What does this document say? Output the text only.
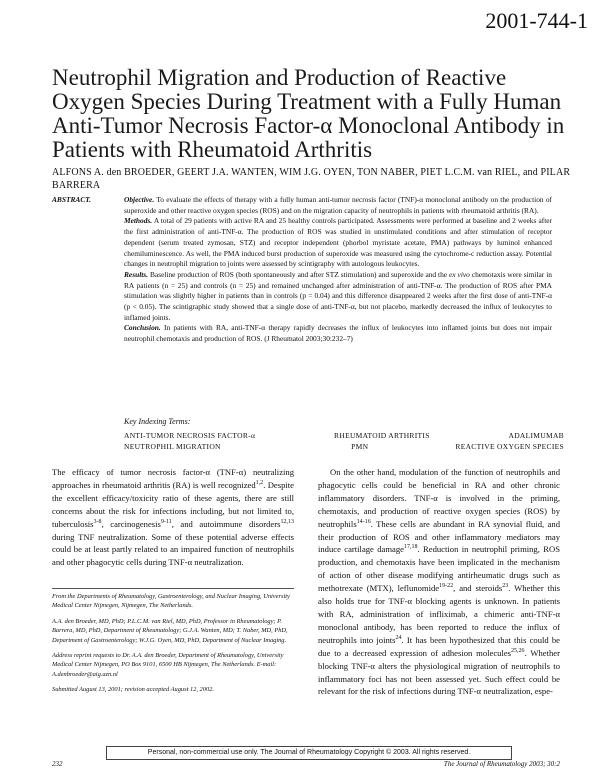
2001-744-1
Neutrophil Migration and Production of Reactive Oxygen Species During Treatment with a Fully Human Anti-Tumor Necrosis Factor-α Monoclonal Antibody in Patients with Rheumatoid Arthritis
ALFONS A. den BROEDER, GEERT J.A. WANTEN, WIM J.G. OYEN, TON NABER, PIET L.C.M. van RIEL, and PILAR BARRERA
ABSTRACT.	Objective. To evaluate the effects of therapy with a fully human anti-tumor necrosis factor (TNF)-α monoclonal antibody on the production of superoxide and other reactive oxygen species (ROS) and on the migration capacity of neutrophils in patients with rheumatoid arthritis (RA).
Methods. A total of 29 patients with active RA and 25 healthy controls participated. Assessments were performed at baseline and 2 weeks after the first administration of anti-TNF-α. The production of ROS was studied in unstimulated conditions and after stimulation of receptor dependent (serum treated zymosan, STZ) and receptor independent (phorbol myristate acetate, PMA) pathways by luminol enhanced chemiluminescence. As well, the PMA induced burst production of superoxide was measured using the cytochrome-c reduction assay. Potential changes in neutrophil migration to joints were assessed by scintigraphy with autologous leukocytes.
Results. Baseline production of ROS (both spontaneously and after STZ stimulation) and superoxide and the ex vivo chemotaxis were similar in RA patients (n = 25) and controls (n = 25) and remained unchanged after administration of anti-TNF-α. The production of ROS after PMA stimulation was slightly higher in patients than in controls (p = 0.04) and this difference disappeared 2 weeks after the first dose of anti-TNF-α (p < 0.05). The scintigraphic study showed that a single dose of anti-TNF-α, but not placebo, markedly decreased the influx of leukocytes to inflamed joints.
Conclusion. In patients with RA, anti-TNF-α therapy rapidly decreases the influx of leukocytes into inflamed joints but does not impair neutrophil chemotaxis and production of ROS. (J Rheumatol 2003;30:232–7)
Key Indexing Terms:
ANTI-TUMOR NECROSIS FACTOR-α	RHEUMATOID ARTHRITIS	ADALIMUMAB
NEUTROPHIL MIGRATION	PMN	REACTIVE OXYGEN SPECIES
The efficacy of tumor necrosis factor-α (TNF-α) neutralizing approaches in rheumatoid arthritis (RA) is well recognized$^{1,2}$. Despite the excellent efficacy/toxicity ratio of these agents, there are still concerns about the risk for infections including, but not limited to, tuberculosis$^{3-8}$, carcinogenesis$^{9-11}$, and autoimmune disorders$^{12,13}$ during TNF neutralization. Some of these potential adverse effects could be at least partly related to an impaired function of neutrophils and other phagocytic cells during TNF-α neutralization.

From the Departments of Rheumatology, Gastroenterology, and Nuclear Imaging, University Medical Center Nijmegen, Nijmegen, The Netherlands.

A.A. den Broeder, MD, PhD; P.L.C.M. van Riel, MD, PhD, Professor in Rheumatology; P. Barrera, MD, PhD, Department of Rheumatology; G.J.A. Wanten, MD; T. Naber, MD, PhD, Department of Gastroenterology; W.J.G. Oyen, MD, PhD, Department of Nuclear Imaging.

Address reprint requests to Dr. A.A. den Broeder, Department of Rheumatology, University Medical Center Nijmegen, PO Box 9101, 6500 HB Nijmegen, The Netherlands. E-mail: A.denbroeder@aig.azn.nl

Submitted August 13, 2001; revision accepted August 12, 2002.

On the other hand, modulation of the function of neutrophils and phagocytic cells could be beneficial in RA and other chronic inflammatory disorders. TNF-α is involved in the priming, chemotaxis, and production of reactive oxygen species (ROS) by neutrophils$^{14-16}$. These cells are abundant in RA synovial fluid, and their production of ROS and other inflammatory mediators may induce cartilage damage$^{17,18}$. Reduction in neutrophil priming, ROS production, and chemotaxis have been implicated in the mechanism of action of other disease modifying antirheumatic drugs such as methotrexate (MTX), leflunomide$^{19-22}$, and steroids$^{23}$. Whether this also holds true for TNF-α blocking agents is unknown. In patients with RA, administration of infliximab, a chimeric anti-TNF-α monoclonal antibody, has been reported to reduce the influx of neutrophils into joints$^{24}$. It has been hypothesized that this could be due to a decreased expression of adhesion molecules$^{25,26}$. Whether blocking TNF-α alters the physiological migration of neutrophils to inflammatory foci has not been assessed yet. Such effect could be relevant for the risk of infections during TNF-α neutralization, espe-
Personal, non-commercial use only. The Journal of Rheumatology Copyright © 2003. All rights reserved.
232	The Journal of Rheumatology 2003; 30:2
